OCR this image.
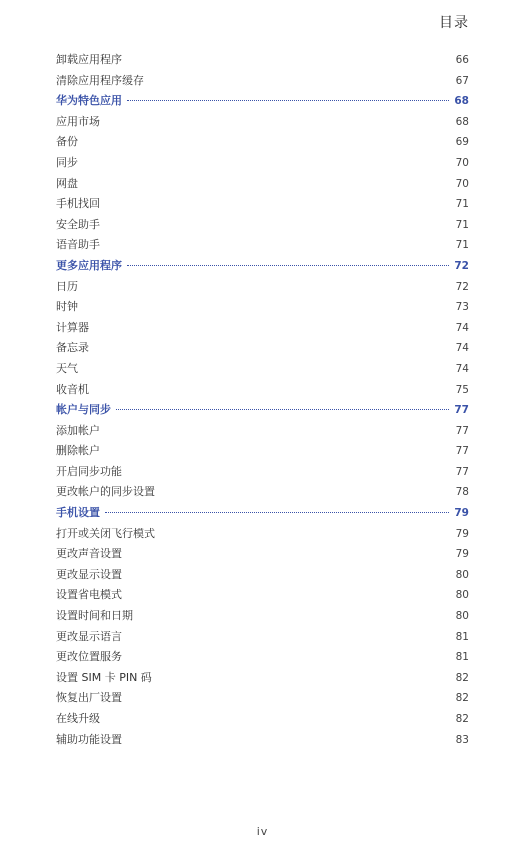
目录
卸载应用程序	66
清除应用程序缓存	67
华为特色应用	68
应用市场	68
备份	69
同步	70
网盘	70
手机找回	71
安全助手	71
语音助手	71
更多应用程序	72
日历	72
时钟	73
计算器	74
备忘录	74
天气	74
收音机	75
帐户与同步	77
添加帐户	77
删除帐户	77
开启同步功能	77
更改帐户的同步设置	78
手机设置	79
打开或关闭飞行模式	79
更改声音设置	79
更改显示设置	80
设置省电模式	80
设置时间和日期	80
更改显示语言	81
更改位置服务	81
设置 SIM 卡 PIN 码	82
恢复出厂设置	82
在线升级	82
辅助功能设置	83
iv
